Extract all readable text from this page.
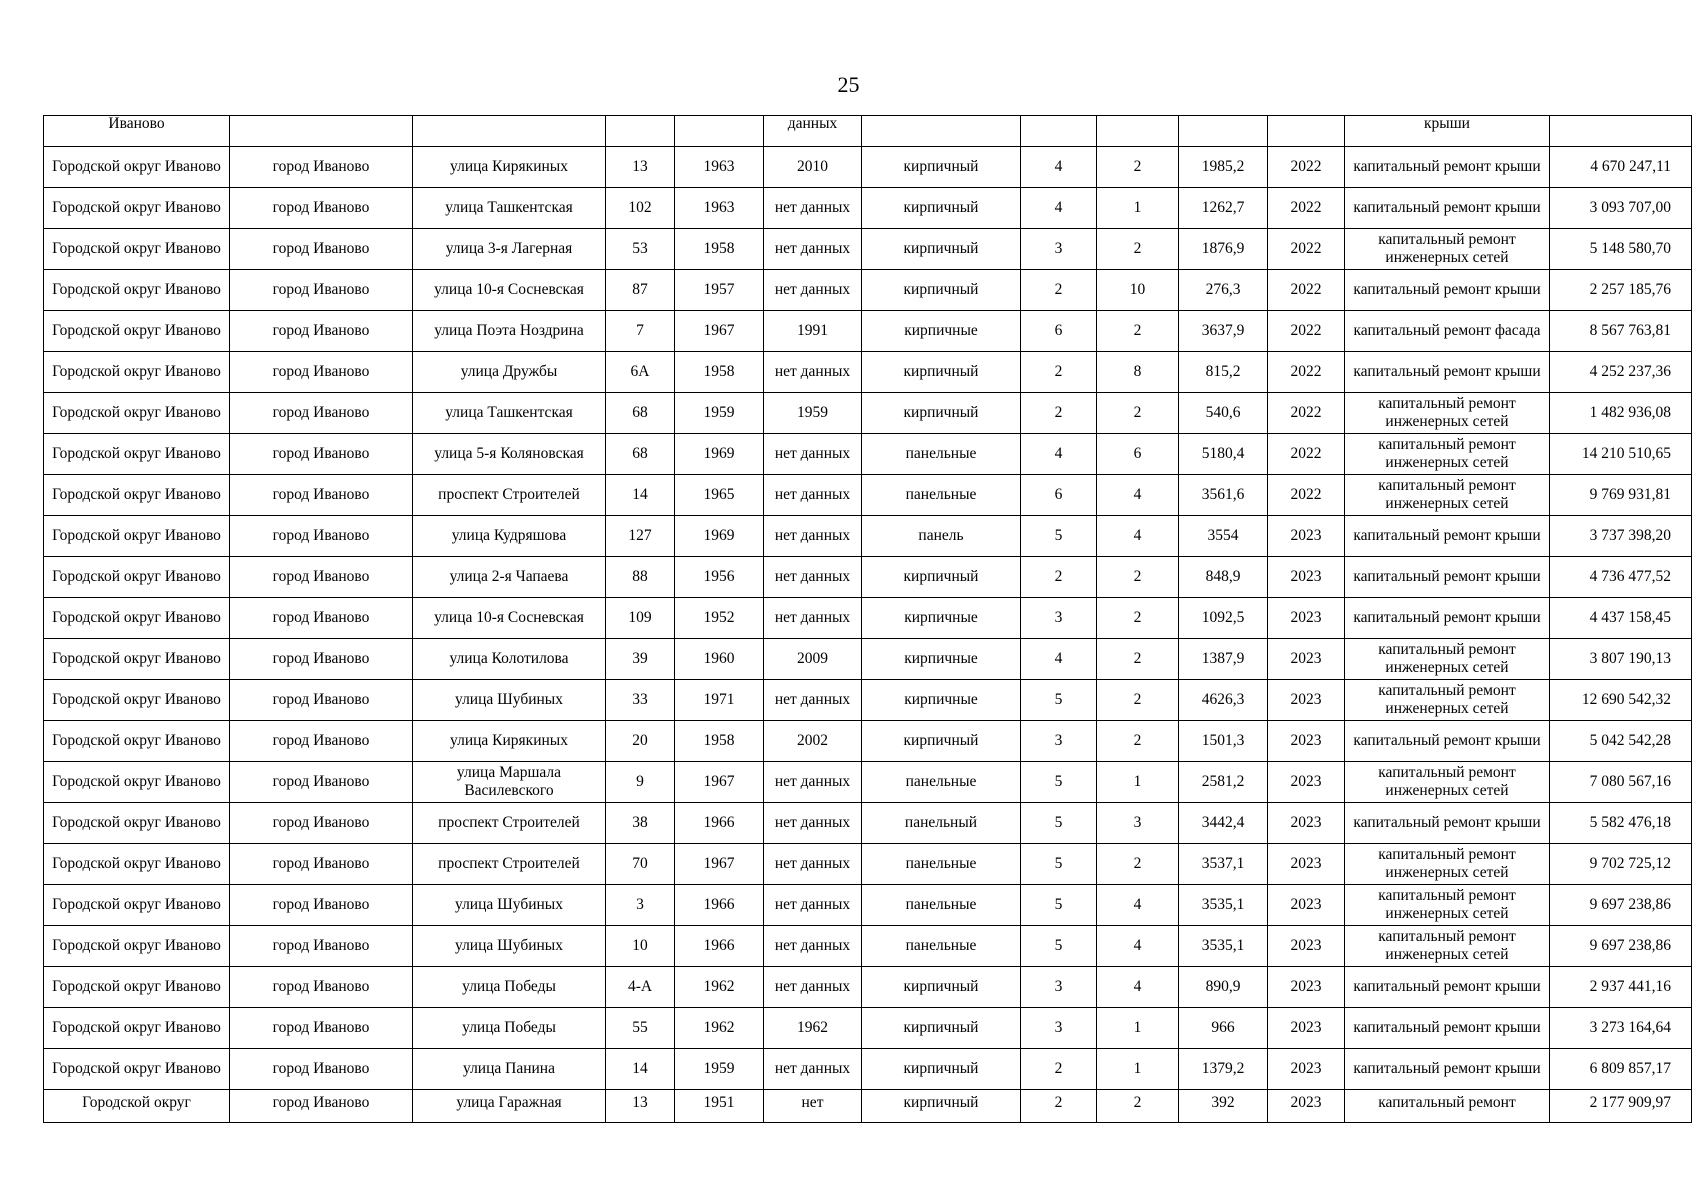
25
Иваново					данных						крыши	
Городской округ Иваново	город Иваново	улица Кирякиных	13	1963	2010	кирпичный	4	2	1985,2	2022	капитальный ремонт крыши	4 670 247,11
Городской округ Иваново	город Иваново	улица Ташкентская	102	1963	нет данных	кирпичный	4	1	1262,7	2022	капитальный ремонт крыши	3 093 707,00
Городской округ Иваново	город Иваново	улица 3-я Лагерная	53	1958	нет данных	кирпичный	3	2	1876,9	2022	капитальный ремонт инженерных сетей	5 148 580,70
Городской округ Иваново	город Иваново	улица 10-я Сосневская	87	1957	нет данных	кирпичный	2	10	276,3	2022	капитальный ремонт крыши	2 257 185,76
Городской округ Иваново	город Иваново	улица Поэта Ноздрина	7	1967	1991	кирпичные	6	2	3637,9	2022	капитальный ремонт фасада	8 567 763,81
Городской округ Иваново	город Иваново	улица Дружбы	6А	1958	нет данных	кирпичный	2	8	815,2	2022	капитальный ремонт крыши	4 252 237,36
Городской округ Иваново	город Иваново	улица Ташкентская	68	1959	1959	кирпичный	2	2	540,6	2022	капитальный ремонт инженерных сетей	1 482 936,08
Городской округ Иваново	город Иваново	улица 5-я Коляновская	68	1969	нет данных	панельные	4	6	5180,4	2022	капитальный ремонт инженерных сетей	14 210 510,65
Городской округ Иваново	город Иваново	проспект Строителей	14	1965	нет данных	панельные	6	4	3561,6	2022	капитальный ремонт инженерных сетей	9 769 931,81
Городской округ Иваново	город Иваново	улица Кудряшова	127	1969	нет данных	панель	5	4	3554	2023	капитальный ремонт крыши	3 737 398,20
Городской округ Иваново	город Иваново	улица 2-я Чапаева	88	1956	нет данных	кирпичный	2	2	848,9	2023	капитальный ремонт крыши	4 736 477,52
Городской округ Иваново	город Иваново	улица 10-я Сосневская	109	1952	нет данных	кирпичные	3	2	1092,5	2023	капитальный ремонт крыши	4 437 158,45
Городской округ Иваново	город Иваново	улица Колотилова	39	1960	2009	кирпичные	4	2	1387,9	2023	капитальный ремонт инженерных сетей	3 807 190,13
Городской округ Иваново	город Иваново	улица Шубиных	33	1971	нет данных	кирпичные	5	2	4626,3	2023	капитальный ремонт инженерных сетей	12 690 542,32
Городской округ Иваново	город Иваново	улица Кирякиных	20	1958	2002	кирпичный	3	2	1501,3	2023	капитальный ремонт крыши	5 042 542,28
Городской округ Иваново	город Иваново	улица Маршала Василевского	9	1967	нет данных	панельные	5	1	2581,2	2023	капитальный ремонт инженерных сетей	7 080 567,16
Городской округ Иваново	город Иваново	проспект Строителей	38	1966	нет данных	панельный	5	3	3442,4	2023	капитальный ремонт крыши	5 582 476,18
Городской округ Иваново	город Иваново	проспект Строителей	70	1967	нет данных	панельные	5	2	3537,1	2023	капитальный ремонт инженерных сетей	9 702 725,12
Городской округ Иваново	город Иваново	улица Шубиных	3	1966	нет данных	панельные	5	4	3535,1	2023	капитальный ремонт инженерных сетей	9 697 238,86
Городской округ Иваново	город Иваново	улица Шубиных	10	1966	нет данных	панельные	5	4	3535,1	2023	капитальный ремонт инженерных сетей	9 697 238,86
Городской округ Иваново	город Иваново	улица Победы	4-А	1962	нет данных	кирпичный	3	4	890,9	2023	капитальный ремонт крыши	2 937 441,16
Городской округ Иваново	город Иваново	улица Победы	55	1962	1962	кирпичный	3	1	966	2023	капитальный ремонт крыши	3 273 164,64
Городской округ Иваново	город Иваново	улица Панина	14	1959	нет данных	кирпичный	2	1	1379,2	2023	капитальный ремонт крыши	6 809 857,17
Городской округ	город Иваново	улица Гаражная	13	1951	нет	кирпичный	2	2	392	2023	капитальный ремонт	2 177 909,97
